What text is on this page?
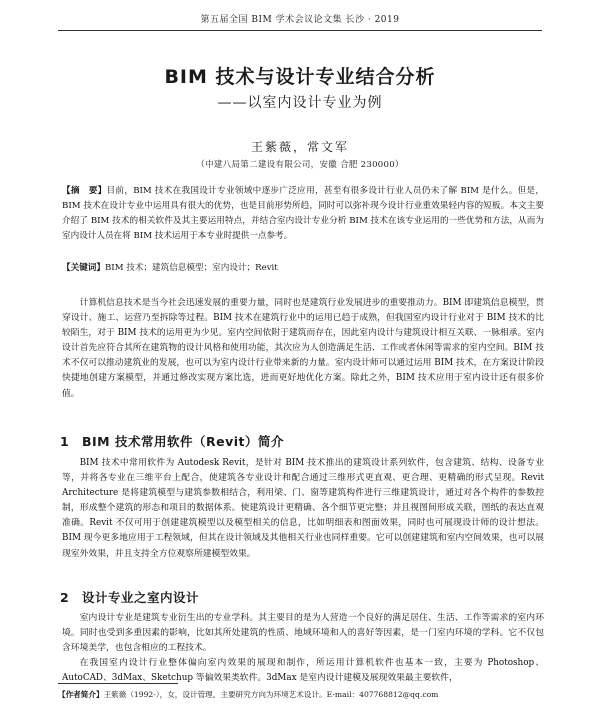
第五届全国 BIM 学术会议论文集 长沙 · 2019
BIM 技术与设计专业结合分析
——以室内设计专业为例
王紫薇，常文军
（中建八局第二建设有限公司，安徽 合肥 230000）
【摘　要】目前，BIM 技术在我国设计专业领域中逐步广泛应用，甚至有很多设计行业人员仍未了解 BIM 是什么。但是，BIM 技术在设计专业中运用具有很大的优势，也是目前形势所趋，同时可以弥补现今设计行业重效果轻内容的短板。本文主要介绍了 BIM 技术的相关软件及其主要运用特点，并结合室内设计专业分析 BIM 技术在该专业运用的一些优势和方法，从而为室内设计人员在将 BIM 技术运用于本专业时提供一点参考。
【关键词】BIM 技术；建筑信息模型；室内设计；Revit
计算机信息技术是当今社会迅速发展的重要力量，同时也是建筑行业发展进步的重要推动力。BIM 即建筑信息模型，贯穿设计、施工、运营乃至拆除等过程。BIM 技术在建筑行业中的运用已趋于成熟，但我国室内设计行业对于 BIM 技术的比较陌生，对于 BIM 技术的运用更为少见。室内空间依附于建筑而存在，因此室内设计与建筑设计相互关联、一脉相承。室内设计首先应符合其所在建筑物的设计风格和使用功能，其次应为人创造满足生活、工作或者休闲等需求的室内空间。BIM 技术不仅可以推动建筑业的发展，也可以为室内设计行业带来新的力量。室内设计师可以通过运用 BIM 技术，在方案设计阶段快捷地创建方案模型，并通过修改实现方案比选，进而更好地优化方案。除此之外，BIM 技术应用于室内设计还有很多价值。
1 BIM 技术常用软件（Revit）简介
BIM 技术中常用软件为 Autodesk Revit，是针对 BIM 技术推出的建筑设计系列软件，包含建筑、结构、设备专业等，并将各专业在三维平台上配合，使建筑各专业设计和配合通过三维形式更直观、更合理、更精确的形式呈现。Revit Architecture 是将建筑模型与建筑参数相结合，利用梁、门、窗等建筑构件进行三维建筑设计，通过对各个构件的参数控制，形成整个建筑的形态和项目的数据体系。使建筑设计更精确、各个细节更完整；并且视图间形成关联，图纸的表达直观准确。Revit 不仅可用于创建建筑模型以及模型相关的信息，比如明细表和图面效果，同时也可展现设计师的设计想法。BIM 现今更多地应用于工程领域，但其在设计领域及其他相关行业也同样重要。它可以创建建筑和室内空间效果，也可以展现室外效果，并且支持全方位观察所建模型效果。
2 设计专业之室内设计
室内设计专业是建筑专业衍生出的专业学科。其主要目的是为人营造一个良好的满足居住、生活、工作等需求的室内环境。同时也受到多重因素的影响，比如其所处建筑的性质、地域环境和人的喜好等因素，是一门室内环境的学科。它不仅包含环境美学，也包含相应的工程技术。
在我国室内设计行业整体偏向室内效果的展现和制作，所运用计算机软件也基本一致，主要为 Photoshop、AutoCAD、3dMax、Sketchup 等偏效果类软件。3dMax 是室内设计建模及展现效果最主要软件，
【作者简介】王紫薇（1992-），女，设计管理，主要研究方向为环境艺术设计。E-mail：407768812@qq.com
